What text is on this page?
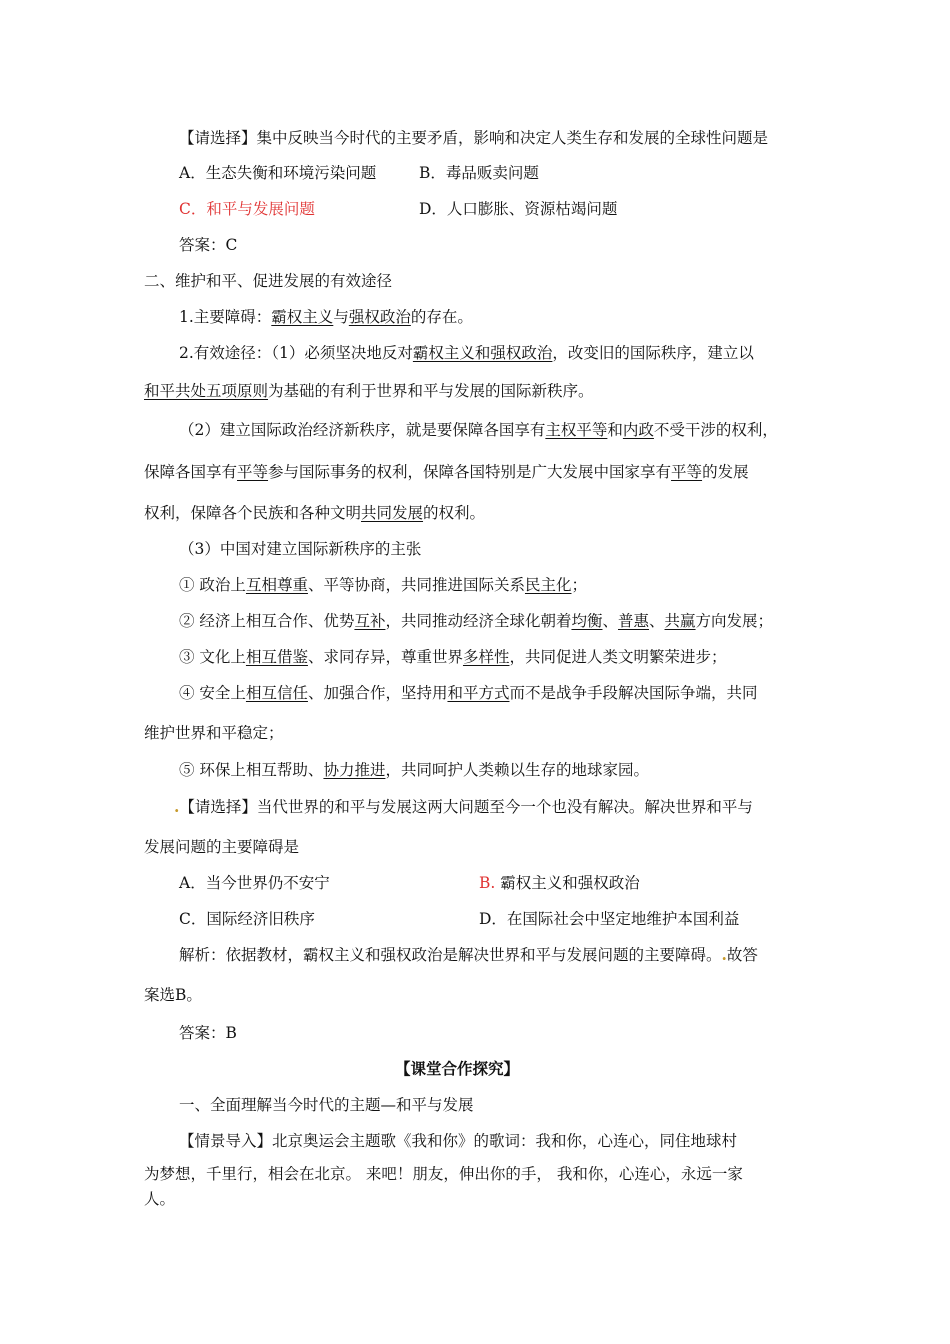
【请选择】集中反映当今时代的主要矛盾，影响和决定人类生存和发展的全球性问题是
A．生态失衡和环境污染问题	B．毒品贩卖问题
C．和平与发展问题	D．人口膨胀、资源枯竭问题
答案：C
二、维护和平、促进发展的有效途径
1.主要障碍：霸权主义与强权政治的存在。
2.有效途径：（1）必须坚决地反对霸权主义和强权政治，改变旧的国际秩序，建立以
和平共处五项原则为基础的有利于世界和平与发展的国际新秩序。
（2）建立国际政治经济新秩序，就是要保障各国享有主权平等和内政不受干涉的权利，
保障各国享有平等参与国际事务的权利，保障各国特别是广大发展中国家享有平等的发展
权利，保障各个民族和各种文明共同发展的权利。
（3）中国对建立国际新秩序的主张
① 政治上互相尊重、平等协商，共同推进国际关系民主化；
② 经济上相互合作、优势互补，共同推动经济全球化朝着均衡、普惠、共赢方向发展；
③ 文化上相互借鉴、求同存异，尊重世界多样性，共同促进人类文明繁荣进步；
④ 安全上相互信任、加强合作，坚持用和平方式而不是战争手段解决国际争端，共同
维护世界和平稳定；
⑤ 环保上相互帮助、协力推进，共同呵护人类赖以生存的地球家园。
.【请选择】当代世界的和平与发展这两大问题至今一个也没有解决。解决世界和平与
发展问题的主要障碍是
A．当今世界仍不安宁	B. 霸权主义和强权政治
C．国际经济旧秩序	D．在国际社会中坚定地维护本国利益
解析：依据教材，霸权主义和强权政治是解决世界和平与发展问题的主要障碍。.故答
案选B。
答案：B
【课堂合作探究】
一、全面理解当今时代的主题—和平与发展
【情景导入】北京奥运会主题歌《我和你》的歌词：我和你，心连心，同住地球村
为梦想，千里行，相会在北京。 来吧！朋友，伸出你的手， 我和你，心连心，永远一家
人。
